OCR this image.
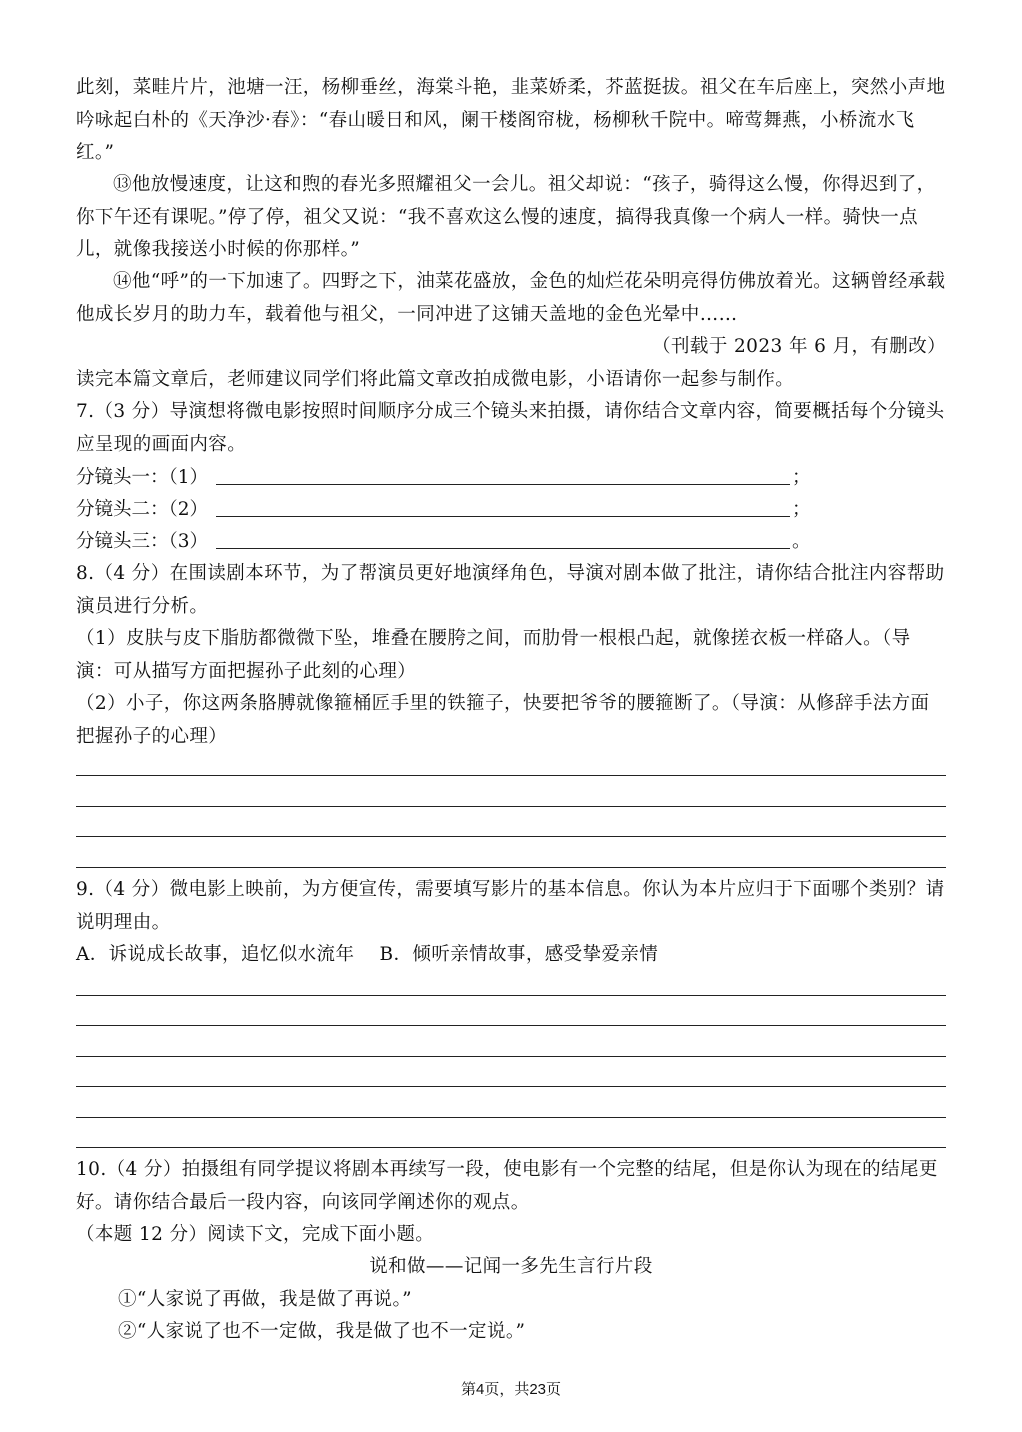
此刻，菜畦片片，池塘一汪，杨柳垂丝，海棠斗艳，韭菜娇柔，芥蓝挺拔。祖父在车后座上，突然小声地吟咏起白朴的《天净沙·春》：“春山暖日和风，阑干楼阁帘栊，杨柳秋千院中。啼莺舞燕，小桥流水飞红。”
⑬他放慢速度，让这和煦的春光多照耀祖父一会儿。祖父却说：“孩子，骑得这么慢，你得迟到了，你下午还有课呢。”停了停，祖父又说：“我不喜欢这么慢的速度，搞得我真像一个病人一样。骑快一点儿，就像我接送小时候的你那样。”
⑭他“呼”的一下加速了。四野之下，油菜花盛放，金色的灿烂花朵明亮得仿佛放着光。这辆曾经承载他成长岁月的助力车，载着他与祖父，一同冲进了这铺天盖地的金色光晕中……
（刊载于 2023 年 6 月，有删改）
读完本篇文章后，老师建议同学们将此篇文章改拍成微电影，小语请你一起参与制作。
7.（3 分）导演想将微电影按照时间顺序分成三个镜头来拍摄，请你结合文章内容，简要概括每个分镜头应呈现的画面内容。
分镜头一：（1）	；
分镜头二：（2）	；
分镜头三：（3）	。
8.（4 分）在围读剧本环节，为了帮演员更好地演绎角色，导演对剧本做了批注，请你结合批注内容帮助演员进行分析。
（1）皮肤与皮下脂肪都微微下坠，堆叠在腰胯之间，而肋骨一根根凸起，就像搓衣板一样硌人。（导演：可从描写方面把握孙子此刻的心理）
（2）小子，你这两条胳膊就像箍桶匠手里的铁箍子，快要把爷爷的腰箍断了。（导演：从修辞手法方面把握孙子的心理）
9.（4 分）微电影上映前，为方便宣传，需要填写影片的基本信息。你认为本片应归于下面哪个类别？请说明理由。
A．诉说成长故事，追忆似水流年　 B．倾听亲情故事，感受挚爱亲情
10.（4 分）拍摄组有同学提议将剧本再续写一段，使电影有一个完整的结尾，但是你认为现在的结尾更好。请你结合最后一段内容，向该同学阐述你的观点。
（本题 12 分）阅读下文，完成下面小题。
说和做——记闻一多先生言行片段
①“人家说了再做，我是做了再说。”
②“人家说了也不一定做，我是做了也不一定说。”
第4页，共23页
